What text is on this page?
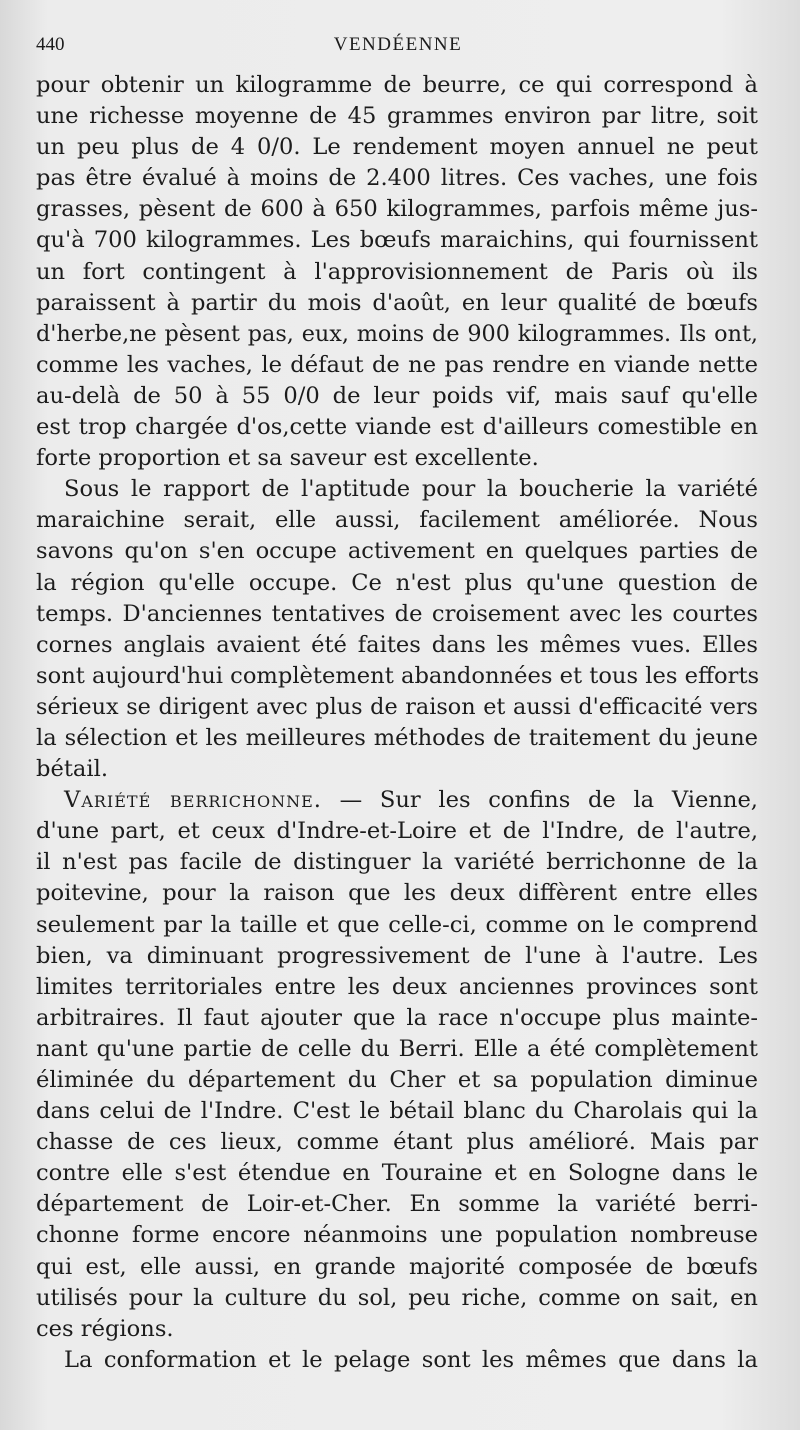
440	VENDÉENNE
pour obtenir un kilogramme de beurre, ce qui correspond à
une richesse moyenne de 45 grammes environ par litre, soit
un peu plus de 4 0/0. Le rendement moyen annuel ne peut
pas être évalué à moins de 2.400 litres. Ces vaches, une fois
grasses, pèsent de 600 à 650 kilogrammes, parfois même jus-
qu'à 700 kilogrammes. Les bœufs maraichins, qui fournissent
un fort contingent à l'approvisionnement de Paris où ils
paraissent à partir du mois d'août, en leur qualité de bœufs
d'herbe,ne pèsent pas, eux, moins de 900 kilogrammes. Ils ont,
comme les vaches, le défaut de ne pas rendre en viande nette
au-delà de 50 à 55 0/0 de leur poids vif, mais sauf qu'elle
est trop chargée d'os,cette viande est d'ailleurs comestible en
forte proportion et sa saveur est excellente.
Sous le rapport de l'aptitude pour la boucherie la variété
maraichine serait, elle aussi, facilement améliorée. Nous
savons qu'on s'en occupe activement en quelques parties de
la région qu'elle occupe. Ce n'est plus qu'une question de
temps. D'anciennes tentatives de croisement avec les courtes
cornes anglais avaient été faites dans les mêmes vues. Elles
sont aujourd'hui complètement abandonnées et tous les efforts
sérieux se dirigent avec plus de raison et aussi d'efficacité vers
la sélection et les meilleures méthodes de traitement du jeune
bétail.
Variété berrichonne. — Sur les confins de la Vienne,
d'une part, et ceux d'Indre-et-Loire et de l'Indre, de l'autre,
il n'est pas facile de distinguer la variété berrichonne de la
poitevine, pour la raison que les deux diffèrent entre elles
seulement par la taille et que celle-ci, comme on le comprend
bien, va diminuant progressivement de l'une à l'autre. Les
limites territoriales entre les deux anciennes provinces sont
arbitraires. Il faut ajouter que la race n'occupe plus mainte-
nant qu'une partie de celle du Berri. Elle a été complètement
éliminée du département du Cher et sa population diminue
dans celui de l'Indre. C'est le bétail blanc du Charolais qui la
chasse de ces lieux, comme étant plus amélioré. Mais par
contre elle s'est étendue en Touraine et en Sologne dans le
département de Loir-et-Cher. En somme la variété berri-
chonne forme encore néanmoins une population nombreuse
qui est, elle aussi, en grande majorité composée de bœufs
utilisés pour la culture du sol, peu riche, comme on sait, en
ces régions.
La conformation et le pelage sont les mêmes que dans la
